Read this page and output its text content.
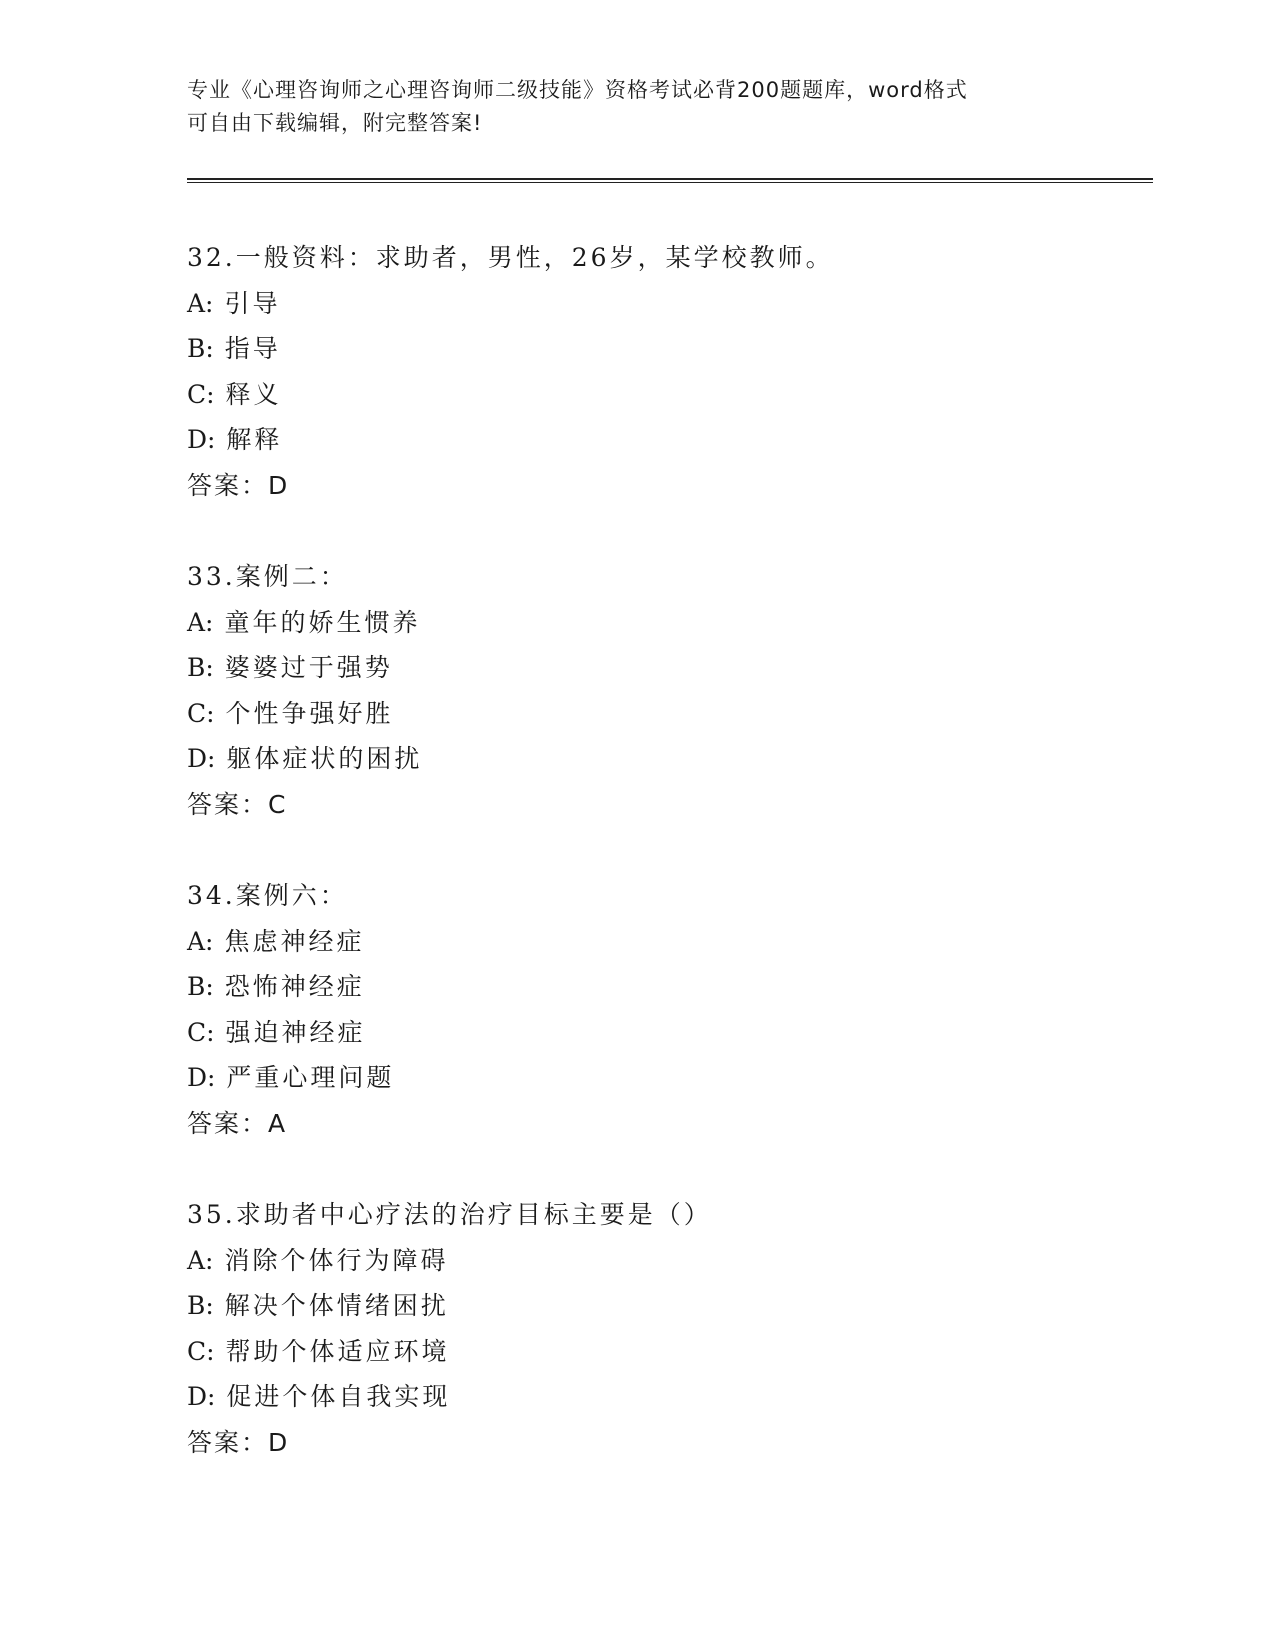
专业《心理咨询师之心理咨询师二级技能》资格考试必背200题题库，word格式
可自由下载编辑，附完整答案!
32.一般资料：求助者，男性，26岁，某学校教师。
A: 引导
B: 指导
C: 释义
D: 解释
答案：D
33.案例二：
A: 童年的娇生惯养
B: 婆婆过于强势
C: 个性争强好胜
D: 躯体症状的困扰
答案：C
34.案例六：
A: 焦虑神经症
B: 恐怖神经症
C: 强迫神经症
D: 严重心理问题
答案：A
35.求助者中心疗法的治疗目标主要是（）
A: 消除个体行为障碍
B: 解决个体情绪困扰
C: 帮助个体适应环境
D: 促进个体自我实现
答案：D
